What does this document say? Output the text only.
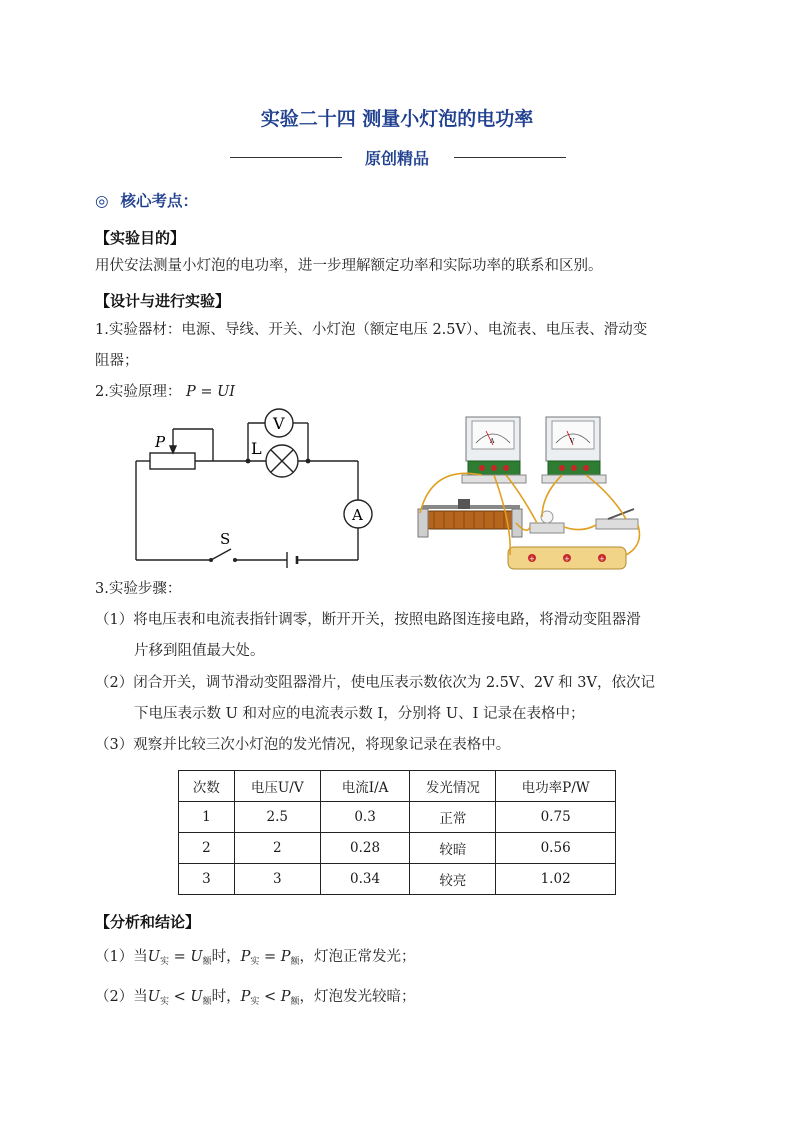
实验二十四 测量小灯泡的电功率
原创精品
◎ 核心考点：
【实验目的】
用伏安法测量小灯泡的电功率，进一步理解额定功率和实际功率的联系和区别。
【设计与进行实验】
1.实验器材：电源、导线、开关、小灯泡（额定电压 2.5V）、电流表、电压表、滑动变
阻器；
2.实验原理： P = UI
P
V
L
A
S
A	V
+	+	+
3.实验步骤：
（1）将电压表和电流表指针调零，断开开关，按照电路图连接电路，将滑动变阻器滑
片移到阻值最大处。
（2）闭合开关，调节滑动变阻器滑片，使电压表示数依次为 2.5V、2V 和 3V，依次记
下电压表示数 U 和对应的电流表示数 I，分别将 U、I 记录在表格中；
（3）观察并比较三次小灯泡的发光情况，将现象记录在表格中。
次数	电压U/V	电流I/A	发光情况	电功率P/W
1	2.5	0.3	正常	0.75
2	2	0.28	较暗	0.56
3	3	0.34	较亮	1.02
【分析和结论】
（1）当$U_实 = U_额$时，$P_实 = P_额$，灯泡正常发光；
（2）当$U_实 < U_额$时，$P_实 < P_额$，灯泡发光较暗；
